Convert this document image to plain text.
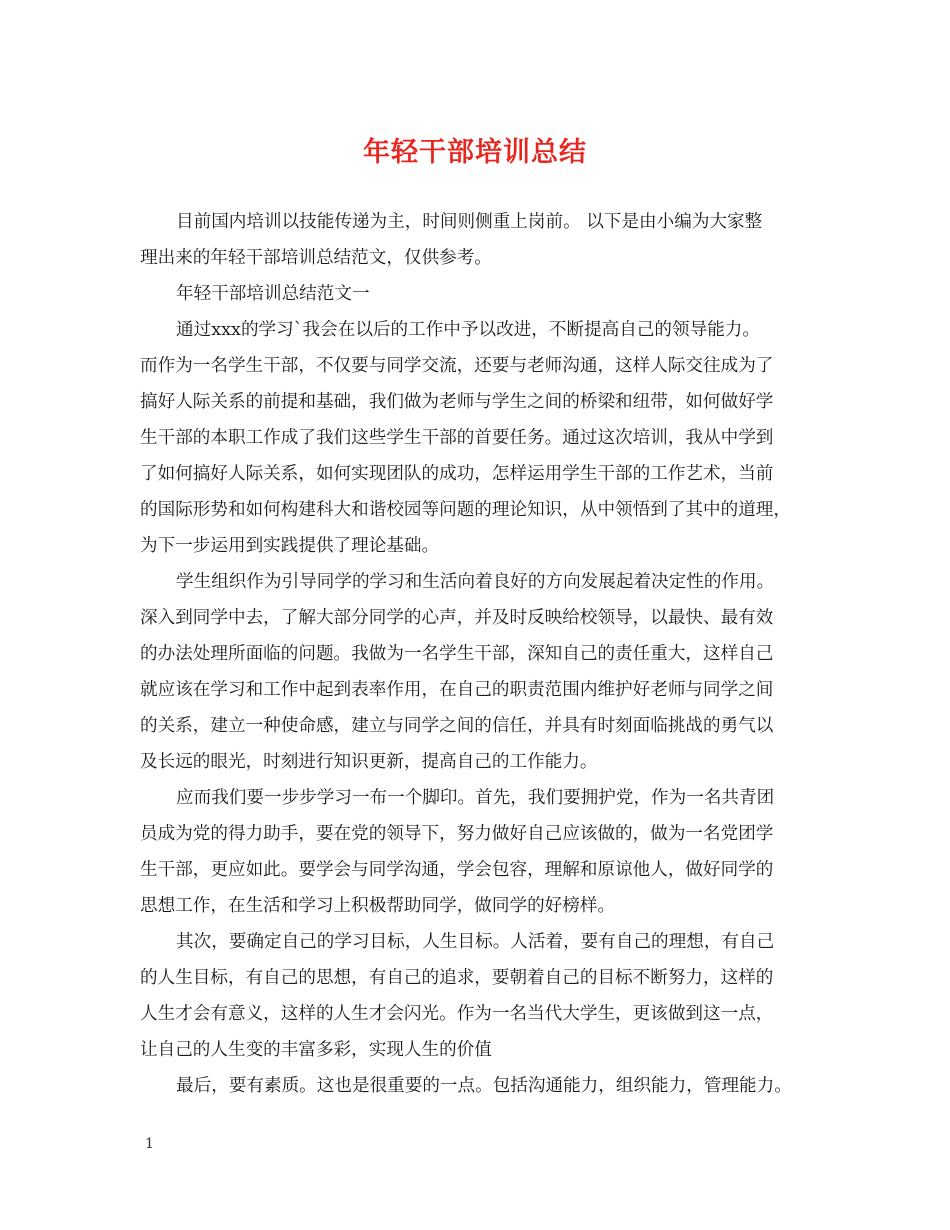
年轻干部培训总结
目前国内培训以技能传递为主，时间则侧重上岗前。 以下是由小编为大家整
理出来的年轻干部培训总结范文，仅供参考。
年轻干部培训总结范文一
通过xxx的学习`我会在以后的工作中予以改进，不断提高自己的领导能力。
而作为一名学生干部，不仅要与同学交流，还要与老师沟通，这样人际交往成为了
搞好人际关系的前提和基础，我们做为老师与学生之间的桥梁和纽带，如何做好学
生干部的本职工作成了我们这些学生干部的首要任务。通过这次培训，我从中学到
了如何搞好人际关系，如何实现团队的成功，怎样运用学生干部的工作艺术，当前
的国际形势和如何构建科大和谐校园等问题的理论知识，从中领悟到了其中的道理，
为下一步运用到实践提供了理论基础。
学生组织作为引导同学的学习和生活向着良好的方向发展起着决定性的作用。
深入到同学中去，了解大部分同学的心声，并及时反映给校领导，以最快、最有效
的办法处理所面临的问题。我做为一名学生干部，深知自己的责任重大，这样自己
就应该在学习和工作中起到表率作用，在自己的职责范围内维护好老师与同学之间
的关系，建立一种使命感，建立与同学之间的信任，并具有时刻面临挑战的勇气以
及长远的眼光，时刻进行知识更新，提高自己的工作能力。
应而我们要一步步学习一布一个脚印。首先，我们要拥护党，作为一名共青团
员成为党的得力助手，要在党的领导下，努力做好自己应该做的，做为一名党团学
生干部，更应如此。要学会与同学沟通，学会包容，理解和原谅他人，做好同学的
思想工作，在生活和学习上积极帮助同学，做同学的好榜样。
其次，要确定自己的学习目标，人生目标。人活着，要有自己的理想，有自己
的人生目标，有自己的思想，有自己的追求，要朝着自己的目标不断努力，这样的
人生才会有意义，这样的人生才会闪光。作为一名当代大学生，更该做到这一点，
让自己的人生变的丰富多彩，实现人生的价值
最后，要有素质。这也是很重要的一点。包括沟通能力，组织能力，管理能力。
1
